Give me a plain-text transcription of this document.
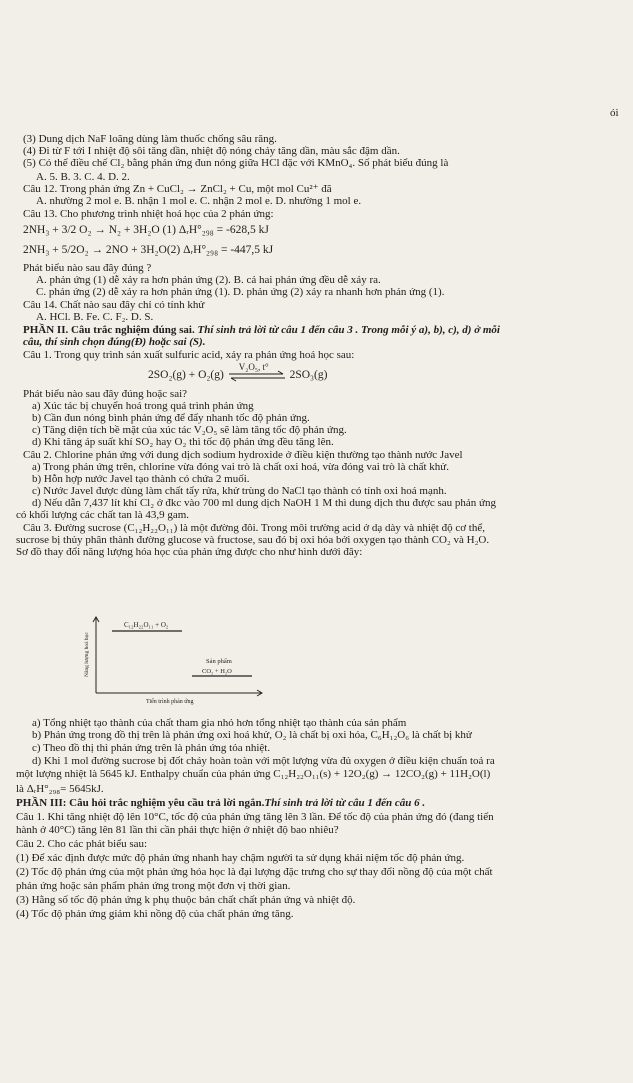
ói
(3) Dung dịch NaF loãng dùng làm thuốc chống sâu răng.
(4) Đi từ F tới I nhiệt độ sôi tăng dần, nhiệt độ nóng chảy tăng dần, màu sắc đậm dần.
(5) Có thể điều chế Cl₂ bằng phản ứng đun nóng giữa HCl đặc với KMnO₄. Số phát biểu đúng là
A. 5. B. 3. C. 4. D. 2.
Câu 12. Trong phản ứng Zn + CuCl₂ → ZnCl₂ + Cu, một mol Cu²⁺ đã
A. nhường 2 mol e. B. nhận 1 mol e. C. nhận 2 mol e. D. nhường 1 mol e.
Câu 13. Cho phương trình nhiệt hoá học của 2 phản ứng:
2NH₃ + 3/2 O₂ → N₂ + 3H₂O (1) ΔᵣH°₂₉₈ = -628,5 kJ
2NH₃ + 5/2O₂ → 2NO + 3H₂O(2) ΔᵣH°₂₉₈ = -447,5 kJ
Phát biểu nào sau đây đúng ?
A. phản ứng (1) dễ xảy ra hơn phản ứng (2). B. cả hai phản ứng đều dễ xảy ra.
C. phản ứng (2) dễ xảy ra hơn phản ứng (1). D. phản ứng (2) xảy ra nhanh hơn phản ứng (1).
Câu 14. Chất nào sau đây chỉ có tính khử
A. HCl. B. Fe. C. F₂. D. S.
PHẦN II. Câu trắc nghiệm đúng sai. Thí sinh trả lời từ câu 1 đến câu 3 . Trong mỗi ý a), b), c), d) ở mỗi
câu, thí sinh chọn đúng(Đ) hoặc sai (S).
Câu 1. Trong quy trình sản xuất sulfuric acid, xảy ra phản ứng hoá học sau:
2SO₂(g) + O₂(g)
V₂O₅, t°
2SO₃(g)
Phát biểu nào sau đây đúng hoặc sai?
a) Xúc tác bị chuyển hoá trong quá trình phản ứng
b) Cần đun nóng bình phản ứng để đẩy nhanh tốc độ phản ứng.
c) Tăng diện tích bề mặt của xúc tác V₂O₅ sẽ làm tăng tốc độ phản ứng.
d) Khi tăng áp suất khí SO₂ hay O₂ thì tốc độ phản ứng đều tăng lên.
Câu 2. Chlorine phản ứng với dung dịch sodium hydroxide ở điều kiện thường tạo thành nước Javel
a) Trong phản ứng trên, chlorine vừa đóng vai trò là chất oxi hoá, vừa đóng vai trò là chất khử.
b) Hỗn hợp nước Javel tạo thành có chứa 2 muối.
c) Nước Javel được dùng làm chất tẩy rửa, khử trùng do NaCl tạo thành có tính oxi hoá mạnh.
d) Nếu dẫn 7,437 lít khí Cl₂ ở đkc vào 700 ml dung dịch NaOH 1 M thì dung dịch thu được sau phản ứng
có khối lượng các chất tan là 43,9 gam.
Câu 3. Đường sucrose (C₁₂H₂₂O₁₁) là một đường đôi. Trong môi trường acid ở dạ dày và nhiệt độ cơ thể,
sucrose bị thủy phân thành đường glucose và fructose, sau đó bị oxi hóa bởi oxygen tạo thành CO₂ và H₂O.
Sơ đồ thay đổi năng lượng hóa học của phản ứng được cho như hình dưới đây:
Năng lượng hoá học
C₁₂H₂₂O₁₁ + O₂
Sản phẩm
CO₂ + H₂O
Tiến trình phản ứng
a) Tổng nhiệt tạo thành của chất tham gia nhỏ hơn tổng nhiệt tạo thành của sản phẩm
b) Phản ứng trong đồ thị trên là phản ứng oxi hoá khử, O₂ là chất bị oxi hóa, C₆H₁₂O₆ là chất bị khử
c) Theo đồ thị thì phản ứng trên là phản ứng tỏa nhiệt.
d) Khi 1 mol đường sucrose bị đốt cháy hoàn toàn với một lượng vừa đủ oxygen ở điều kiện chuẩn toả ra
một lượng nhiệt là 5645 kJ. Enthalpy chuẩn của phản ứng C₁₂H₂₂O₁₁(s) + 12O₂(g) → 12CO₂(g) + 11H₂O(l)
là ΔᵣH°₂₉₈= 5645kJ.
PHẦN III: Câu hỏi trắc nghiệm yêu cầu trả lời ngắn.Thí sinh trả lời từ câu 1 đến câu 6 .
Câu 1. Khi tăng nhiệt độ lên 10°C, tốc độ của phản ứng tăng lên 3 lần. Để tốc độ của phản ứng đó (đang tiến
hành ở 40°C) tăng lên 81 lần thì cần phải thực hiện ở nhiệt độ bao nhiêu?
Câu 2. Cho các phát biểu sau:
(1) Để xác định được mức độ phản ứng nhanh hay chậm người ta sử dụng khái niệm tốc độ phản ứng.
(2) Tốc độ phản ứng của một phản ứng hóa học là đại lượng đặc trưng cho sự thay đổi nồng độ của một chất
phản ứng hoặc sản phẩm phản ứng trong một đơn vị thời gian.
(3) Hằng số tốc độ phản ứng k phụ thuộc bản chất chất phản ứng và nhiệt độ.
(4) Tốc độ phản ứng giảm khi nồng độ của chất phản ứng tăng.
